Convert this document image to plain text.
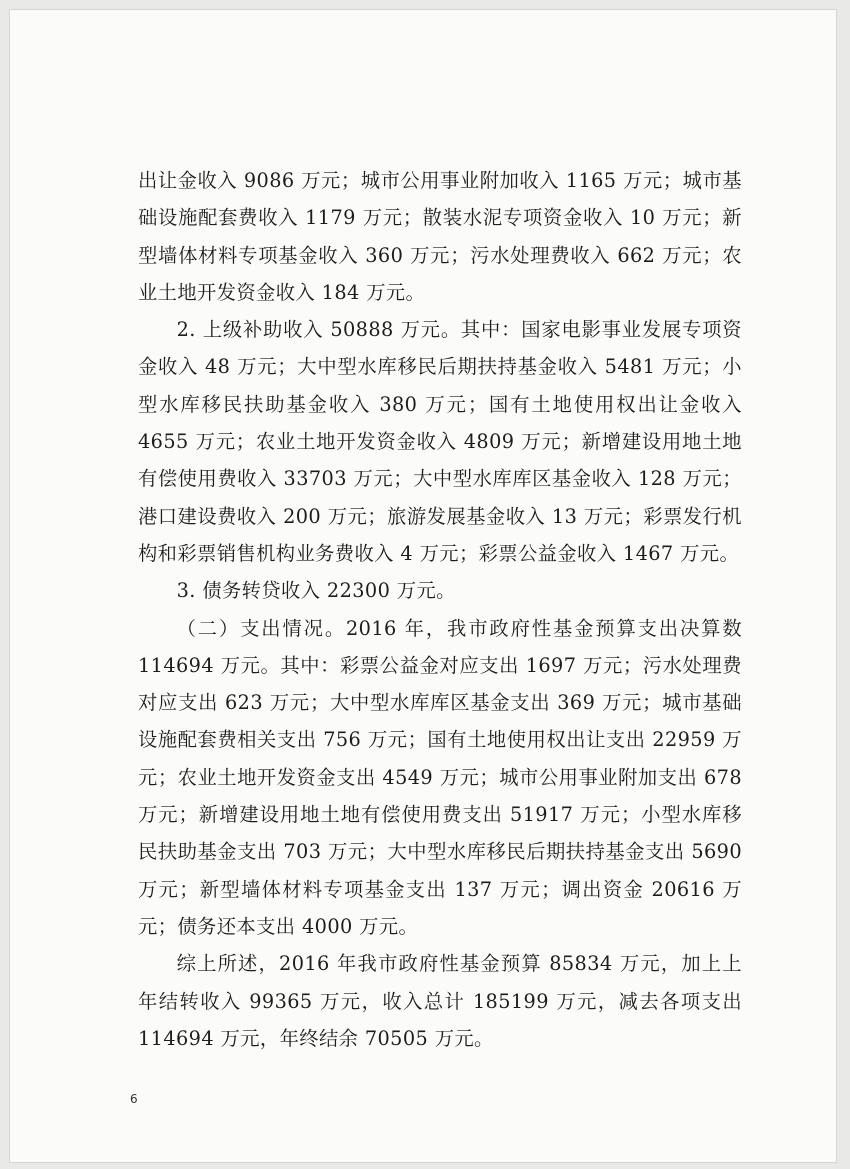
出让金收入 9086 万元；城市公用事业附加收入 1165 万元；城市基础设施配套费收入 1179 万元；散装水泥专项资金收入 10 万元；新型墙体材料专项基金收入 360 万元；污水处理费收入 662 万元；农业土地开发资金收入 184 万元。

2. 上级补助收入 50888 万元。其中：国家电影事业发展专项资金收入 48 万元；大中型水库移民后期扶持基金收入 5481 万元；小型水库移民扶助基金收入 380 万元；国有土地使用权出让金收入 4655 万元；农业土地开发资金收入 4809 万元；新增建设用地土地有偿使用费收入 33703 万元；大中型水库库区基金收入 128 万元；港口建设费收入 200 万元；旅游发展基金收入 13 万元；彩票发行机构和彩票销售机构业务费收入 4 万元；彩票公益金收入 1467 万元。

3. 债务转贷收入 22300 万元。

（二）支出情况。2016 年，我市政府性基金预算支出决算数 114694 万元。其中：彩票公益金对应支出 1697 万元；污水处理费对应支出 623 万元；大中型水库库区基金支出 369 万元；城市基础设施配套费相关支出 756 万元；国有土地使用权出让支出 22959 万元；农业土地开发资金支出 4549 万元；城市公用事业附加支出 678 万元；新增建设用地土地有偿使用费支出 51917 万元；小型水库移民扶助基金支出 703 万元；大中型水库移民后期扶持基金支出 5690 万元；新型墙体材料专项基金支出 137 万元；调出资金 20616 万元；债务还本支出 4000 万元。

综上所述，2016 年我市政府性基金预算 85834 万元，加上上年结转收入 99365 万元，收入总计 185199 万元，减去各项支出 114694 万元，年终结余 70505 万元。

6
